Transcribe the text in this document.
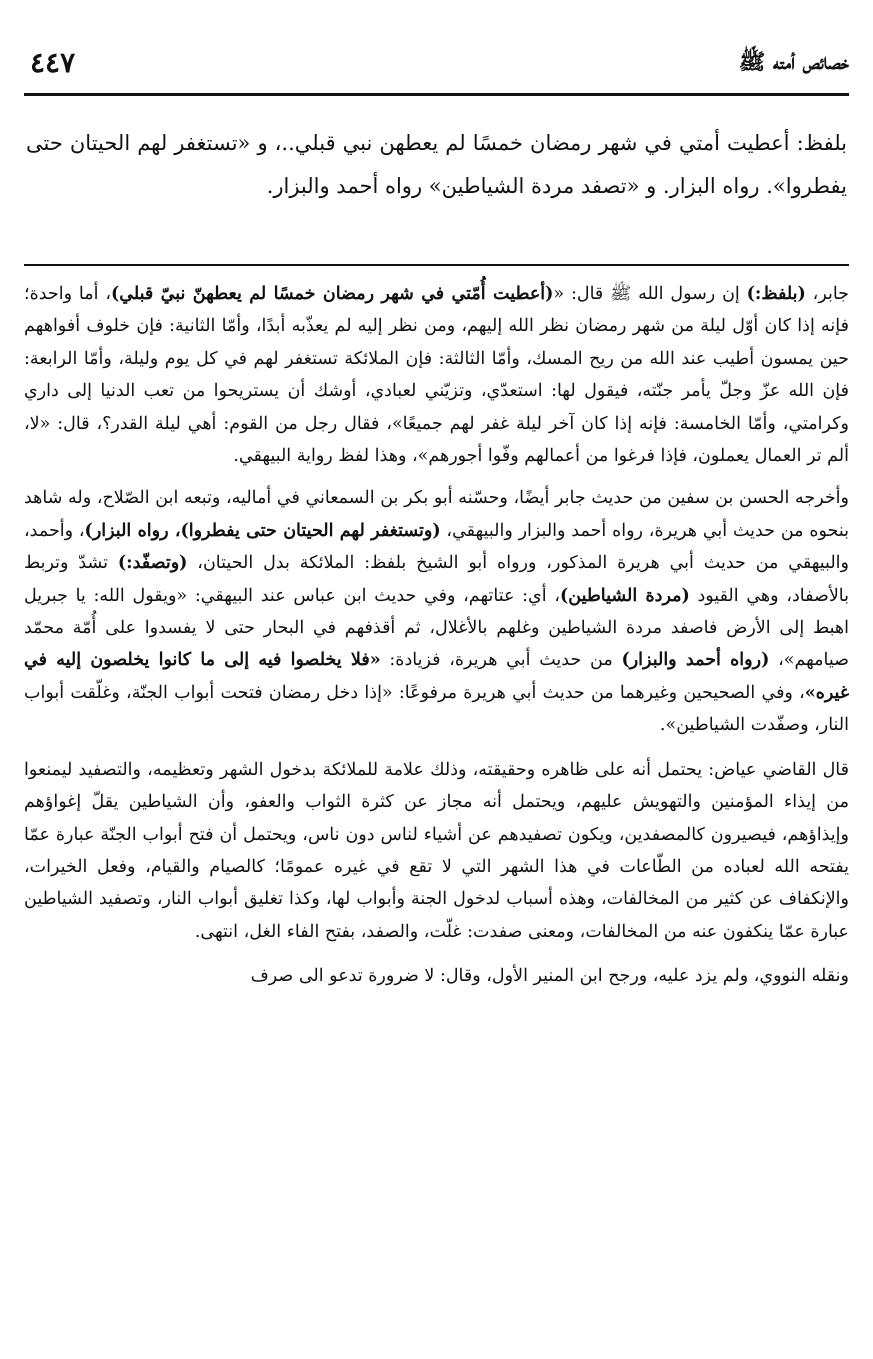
٤٤٧	خصائص أمته ﷺ

بلفظ: أعطيت أمتي في شهر رمضان خمسًا لم يعطهن نبي قبلي..، و «تستغفر لهم الحيتان حتى يفطروا». رواه البزار. و «تصفد مردة الشياطين» رواه أحمد والبزار.

جابر، (بلفظ:) إن رسول الله ﷺ قال: «(أعطيت أُمّتي في شهر رمضان خمسًا لم يعطهنّ نبيّ قبلي)، أما واحدة؛ فإنه إذا كان أوّل ليلة من شهر رمضان نظر الله إليهم، ومن نظر إليه لم يعذّبه أبدًا، وأمّا الثانية: فإن خلوف أفواههم حين يمسون أطيب عند الله من ريح المسك، وأمّا الثالثة: فإن الملائكة تستغفر لهم في كل يوم وليلة، وأمّا الرابعة: فإن الله عزّ وجلّ يأمر جنّته، فيقول لها: استعدّي، وتزيّني لعبادي، أوشك أن يستريحوا من تعب الدنيا إلى داري وكرامتي، وأمّا الخامسة: فإنه إذا كان آخر ليلة غفر لهم جميعًا»، فقال رجل من القوم: أهي ليلة القدر؟، قال: «لا، ألم تر العمال يعملون، فإذا فرغوا من أعمالهم وفّوا أجورهم»، وهذا لفظ رواية البيهقي.

وأخرجه الحسن بن سفين من حديث جابر أيضًا، وحسّنه أبو بكر بن السمعاني في أماليه، وتبعه ابن الصّلاح، وله شاهد بنحوه من حديث أبي هريرة، رواه أحمد والبزار والبيهقي، (وتستغفر لهم الحيتان حتى يفطروا)، رواه البزار)، وأحمد، والبيهقي من حديث أبي هريرة المذكور، ورواه أبو الشيخ بلفظ: الملائكة بدل الحيتان، (وتصفّد:) تشدّ وتربط بالأصفاد، وهي القيود (مردة الشياطين)، أي: عتاتهم، وفي حديث ابن عباس عند البيهقي: «ويقول الله: يا جبريل اهبط إلى الأرض فاصفد مردة الشياطين وغلهم بالأغلال، ثم أقذفهم في البحار حتى لا يفسدوا على أُمّة محمّد صيامهم»، (رواه أحمد والبزار) من حديث أبي هريرة، فزيادة: «فلا يخلصوا فيه إلى ما كانوا يخلصون إليه في غيره»، وفي الصحيحين وغيرهما من حديث أبي هريرة مرفوعًا: «إذا دخل رمضان فتحت أبواب الجنّة، وغلّقت أبواب النار، وصفّدت الشياطين».

قال القاضي عياض: يحتمل أنه على ظاهره وحقيقته، وذلك علامة للملائكة بدخول الشهر وتعظيمه، والتصفيد ليمنعوا من إيذاء المؤمنين والتهويش عليهم، ويحتمل أنه مجاز عن كثرة الثواب والعفو، وأن الشياطين يقلّ إغواؤهم وإيذاؤهم، فيصيرون كالمصفدين، ويكون تصفيدهم عن أشياء لناس دون ناس، ويحتمل أن فتح أبواب الجنّة عبارة عمّا يفتحه الله لعباده من الطّاعات في هذا الشهر التي لا تقع في غيره عمومًا؛ كالصيام والقيام، وفعل الخيرات، والإنكفاف عن كثير من المخالفات، وهذه أسباب لدخول الجنة وأبواب لها، وكذا تغليق أبواب النار، وتصفيد الشياطين عبارة عمّا ينكفون عنه من المخالفات، ومعنى صفدت: غلّت، والصفد، بفتح الفاء الغل، انتهى.

ونقله النووي، ولم يزد عليه، ورجح ابن المنير الأول، وقال: لا ضرورة تدعو الى صرف
